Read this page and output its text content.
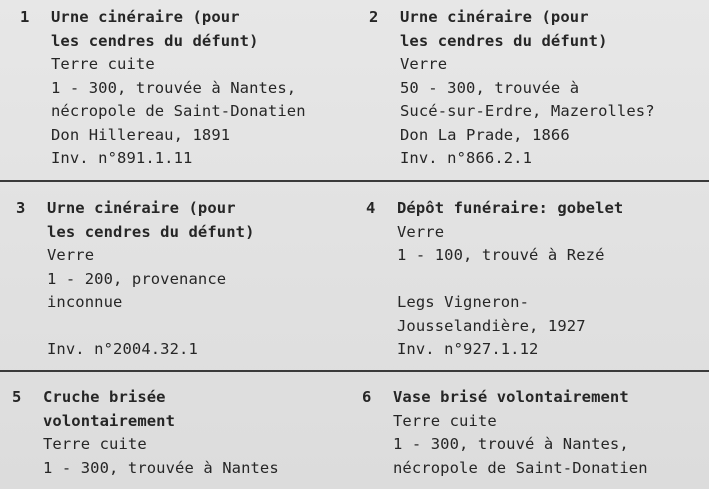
1 Urne cinéraire (pour
les cendres du défunt)
Terre cuite
1 - 300, trouvée à Nantes,
nécropole de Saint-Donatien
Don Hillereau, 1891
Inv. n°891.1.11
2 Urne cinéraire (pour
les cendres du défunt)
Verre
50 - 300, trouvée à
Sucé-sur-Erdre, Mazerolles?
Don La Prade, 1866
Inv. n°866.2.1
3 Urne cinéraire (pour
les cendres du défunt)
Verre
1 - 200, provenance
inconnue
Inv. n°2004.32.1
4 Dépôt funéraire: gobelet
Verre
1 - 100, trouvé à Rezé
Legs Vigneron-
Jousselandière, 1927
Inv. n°927.1.12
5 Cruche brisée
volontairement
Terre cuite
1 - 300, trouvée à Nantes
6 Vase brisé volontairement
Terre cuite
1 - 300, trouvé à Nantes,
nécropole de Saint-Donatien
